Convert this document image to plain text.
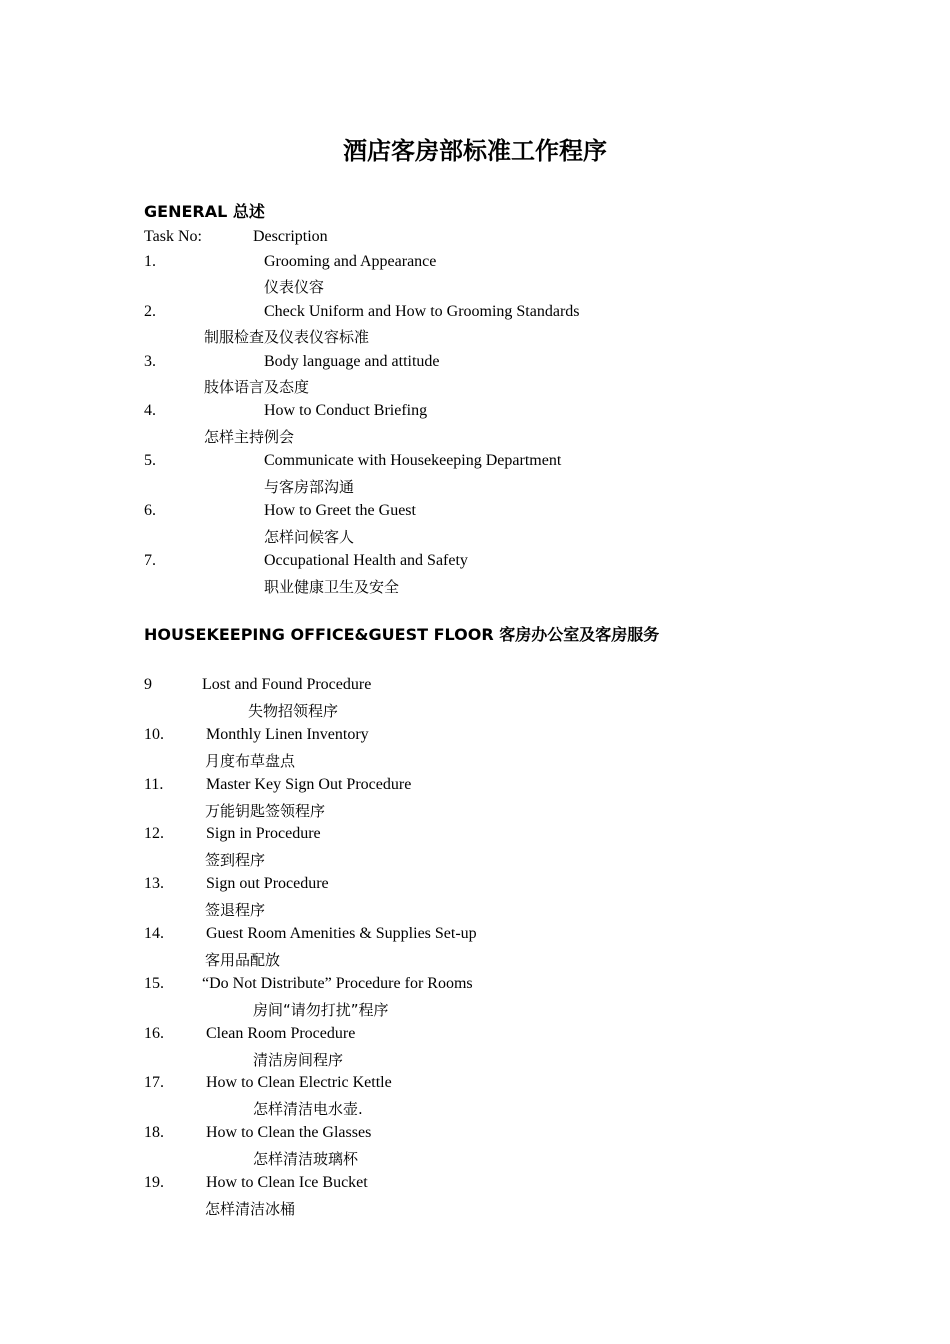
酒店客房部标准工作程序
GENERAL 总述
Task No:	Description
1.	Grooming and Appearance
仪表仪容
2.	Check Uniform and How to Grooming Standards
制服检查及仪表仪容标准
3.	Body language and attitude
肢体语言及态度
4.	How to Conduct Briefing
怎样主持例会
5.	Communicate with Housekeeping Department
与客房部沟通
6.	How to Greet the Guest
怎样问候客人
7.	Occupational Health and Safety
职业健康卫生及安全
HOUSEKEEPING OFFICE&GUEST FLOOR 客房办公室及客房服务
9	Lost and Found Procedure
失物招领程序
10.	Monthly Linen Inventory
月度布草盘点
11.	Master Key Sign Out Procedure
万能钥匙签领程序
12.	Sign in Procedure
签到程序
13.	Sign out Procedure
签退程序
14.	Guest Room Amenities & Supplies Set-up
客用品配放
15. “Do Not Distribute” Procedure for Rooms
房间“请勿打扰”程序
16.	Clean Room Procedure
清洁房间程序
17.	How to Clean Electric Kettle
怎样清洁电水壶.
18.	How to Clean the Glasses
怎样清洁玻璃杯
19.	How to Clean Ice Bucket
怎样清洁冰桶
